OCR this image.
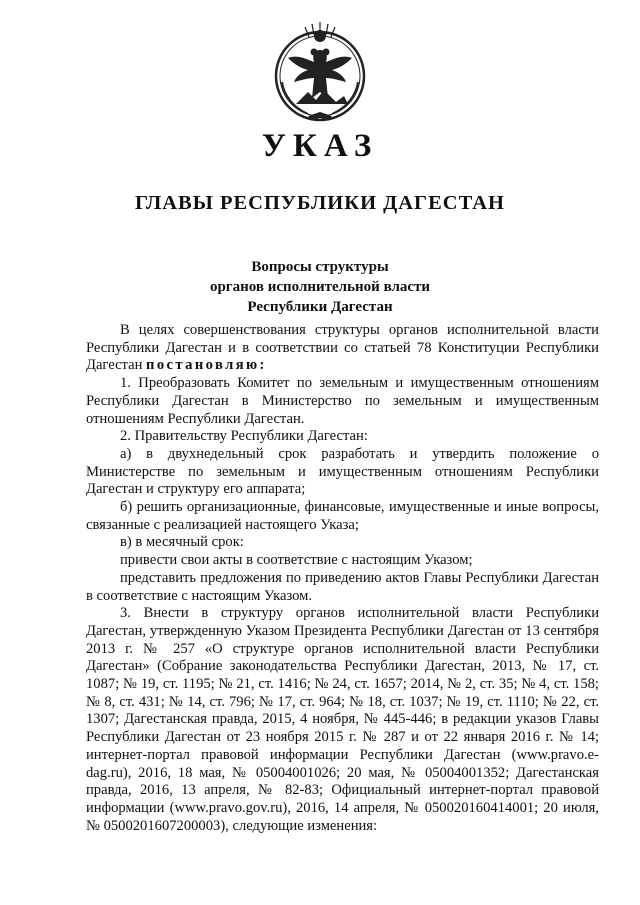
УКАЗ
ГЛАВЫ РЕСПУБЛИКИ ДАГЕСТАН
Вопросы структуры
органов исполнительной власти
Республики Дагестан

В целях совершенствования структуры органов исполнительной власти Республики Дагестан и в соответствии со статьей 78 Конституции Республики Дагестан постановляю:

1. Преобразовать Комитет по земельным и имущественным отношениям Республики Дагестан в Министерство по земельным и имущественным отношениям Республики Дагестан.

2. Правительству Республики Дагестан:

а) в двухнедельный срок разработать и утвердить положение о Министерстве по земельным и имущественным отношениям Республики Дагестан и структуру его аппарата;

б) решить организационные, финансовые, имущественные и иные вопросы, связанные с реализацией настоящего Указа;

в) в месячный срок:

привести свои акты в соответствие с настоящим Указом;

представить предложения по приведению актов Главы Республики Дагестан в соответствие с настоящим Указом.

3. Внести в структуру органов исполнительной власти Республики Дагестан, утвержденную Указом Президента Республики Дагестан от 13 сентября 2013 г. № 257 «О структуре органов исполнительной власти Республики Дагестан» (Собрание законодательства Республики Дагестан, 2013, № 17, ст. 1087; № 19, ст. 1195; № 21, ст. 1416; № 24, ст. 1657; 2014, № 2, ст. 35; № 4, ст. 158; № 8, ст. 431; № 14, ст. 796; № 17, ст. 964; № 18, ст. 1037; № 19, ст. 1110; № 22, ст. 1307; Дагестанская правда, 2015, 4 ноября, № 445-446; в редакции указов Главы Республики Дагестан от 23 ноября 2015 г. № 287 и от 22 января 2016 г. № 14; интернет-портал правовой информации Республики Дагестан (www.pravo.e-dag.ru), 2016, 18 мая, № 05004001026; 20 мая, № 05004001352; Дагестанская правда, 2016, 13 апреля, № 82-83; Официальный интернет-портал правовой информации (www.pravo.gov.ru), 2016, 14 апреля, № 050020160414001; 20 июля, № 0500201607200003), следующие изменения:
